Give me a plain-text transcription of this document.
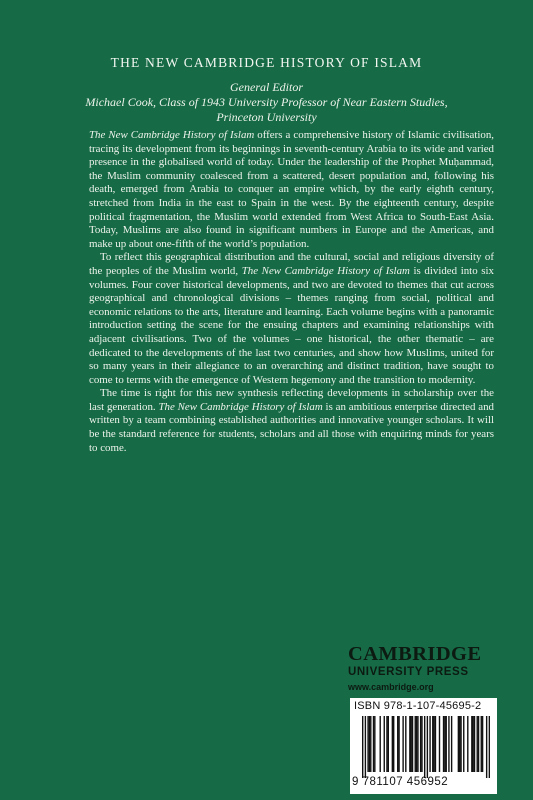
THE NEW CAMBRIDGE HISTORY OF ISLAM
General Editor
Michael Cook, Class of 1943 University Professor of Near Eastern Studies,
Princeton University

The New Cambridge History of Islam offers a comprehensive history of Islamic civilisation, tracing its development from its beginnings in seventh-century Arabia to its wide and varied presence in the globalised world of today. Under the leadership of the Prophet Muḥammad, the Muslim community coalesced from a scattered, desert population and, following his death, emerged from Arabia to conquer an empire which, by the early eighth century, stretched from India in the east to Spain in the west. By the eighteenth century, despite political fragmentation, the Muslim world extended from West Africa to South-East Asia. Today, Muslims are also found in significant numbers in Europe and the Americas, and make up about one-fifth of the world’s population.

To reflect this geographical distribution and the cultural, social and religious diversity of the peoples of the Muslim world, The New Cambridge History of Islam is divided into six volumes. Four cover historical developments, and two are devoted to themes that cut across geographical and chronological divisions – themes ranging from social, political and economic relations to the arts, literature and learning. Each volume begins with a panoramic introduction setting the scene for the ensuing chapters and examining relationships with adjacent civilisations. Two of the volumes – one historical, the other thematic – are dedicated to the developments of the last two centuries, and show how Muslims, united for so many years in their allegiance to an overarching and distinct tradition, have sought to come to terms with the emergence of Western hegemony and the transition to modernity.

The time is right for this new synthesis reflecting developments in scholarship over the last generation. The New Cambridge History of Islam is an ambitious enterprise directed and written by a team combining established authorities and innovative younger scholars. It will be the standard reference for students, scholars and all those with enquiring minds for years to come.

CAMBRIDGE
UNIVERSITY PRESS
www.cambridge.org
ISBN 978-1-107-45695-2
9 781107 456952
